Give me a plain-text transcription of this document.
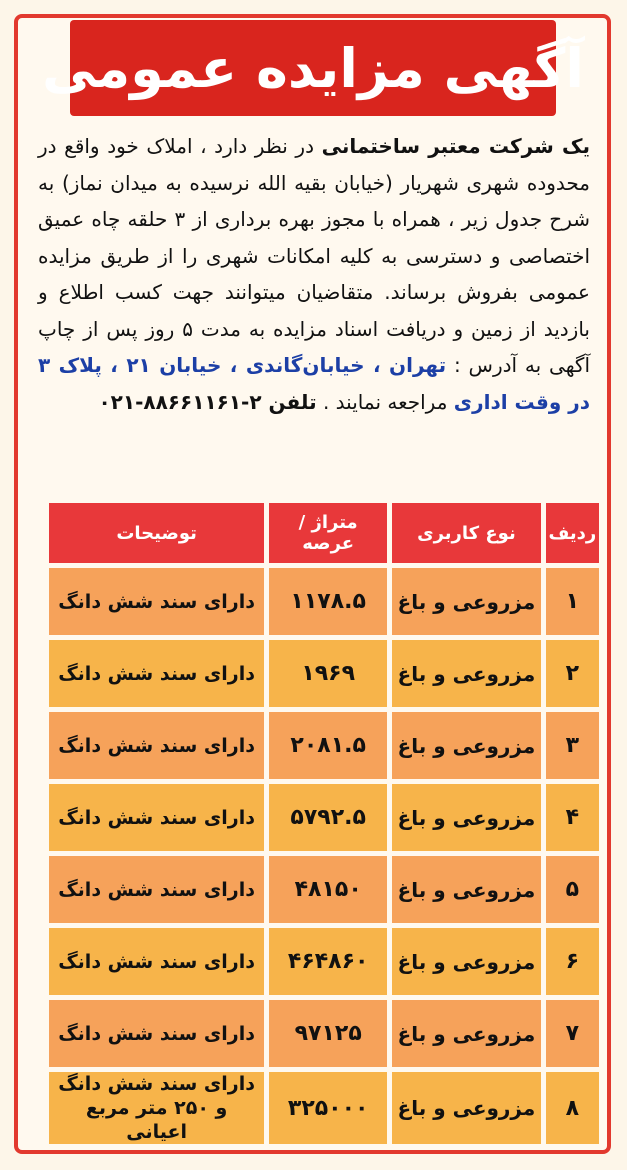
آگهی مزایده عمومی
یک شرکت معتبر ساختمانی در نظر دارد ، املاک خود واقع در محدوده شهری شهریار (خیابان بقیه الله نرسیده به میدان نماز) به شرح جدول زیر ، همراه با مجوز بهره برداری از ۳ حلقه چاه عمیق اختصاصی و دسترسی به کلیه امکانات شهری را از طریق مزایده عمومی بفروش برساند. متقاضیان میتوانند جهت کسب اطلاع و بازدید از زمین و دریافت اسناد مزایده به مدت ۵ روز پس از چاپ آگهی به آدرس : تهران ، خیابان‌گاندی ، خیابان ۲۱ ، پلاک ۳ در وقت اداری مراجعه نمایند . تلفن ۲-۸۸۶۶۱۱۶۱-۰۲۱
ردیف	نوع کاربری	متراژ / عرصه	توضیحات
۱	مزروعی و باغ	۱۱۷۸.۵	دارای سند شش دانگ
۲	مزروعی و باغ	۱۹۶۹	دارای سند شش دانگ
۳	مزروعی و باغ	۲۰۸۱.۵	دارای سند شش دانگ
۴	مزروعی و باغ	۵۷۹۲.۵	دارای سند شش دانگ
۵	مزروعی و باغ	۴۸۱۵۰	دارای سند شش دانگ
۶	مزروعی و باغ	۴۶۴۸۶۰	دارای سند شش دانگ
۷	مزروعی و باغ	۹۷۱۲۵	دارای سند شش دانگ
۸	مزروعی و باغ	۳۲۵۰۰۰	دارای سند شش دانگ و ۲۵۰ متر مربع اعیانی
